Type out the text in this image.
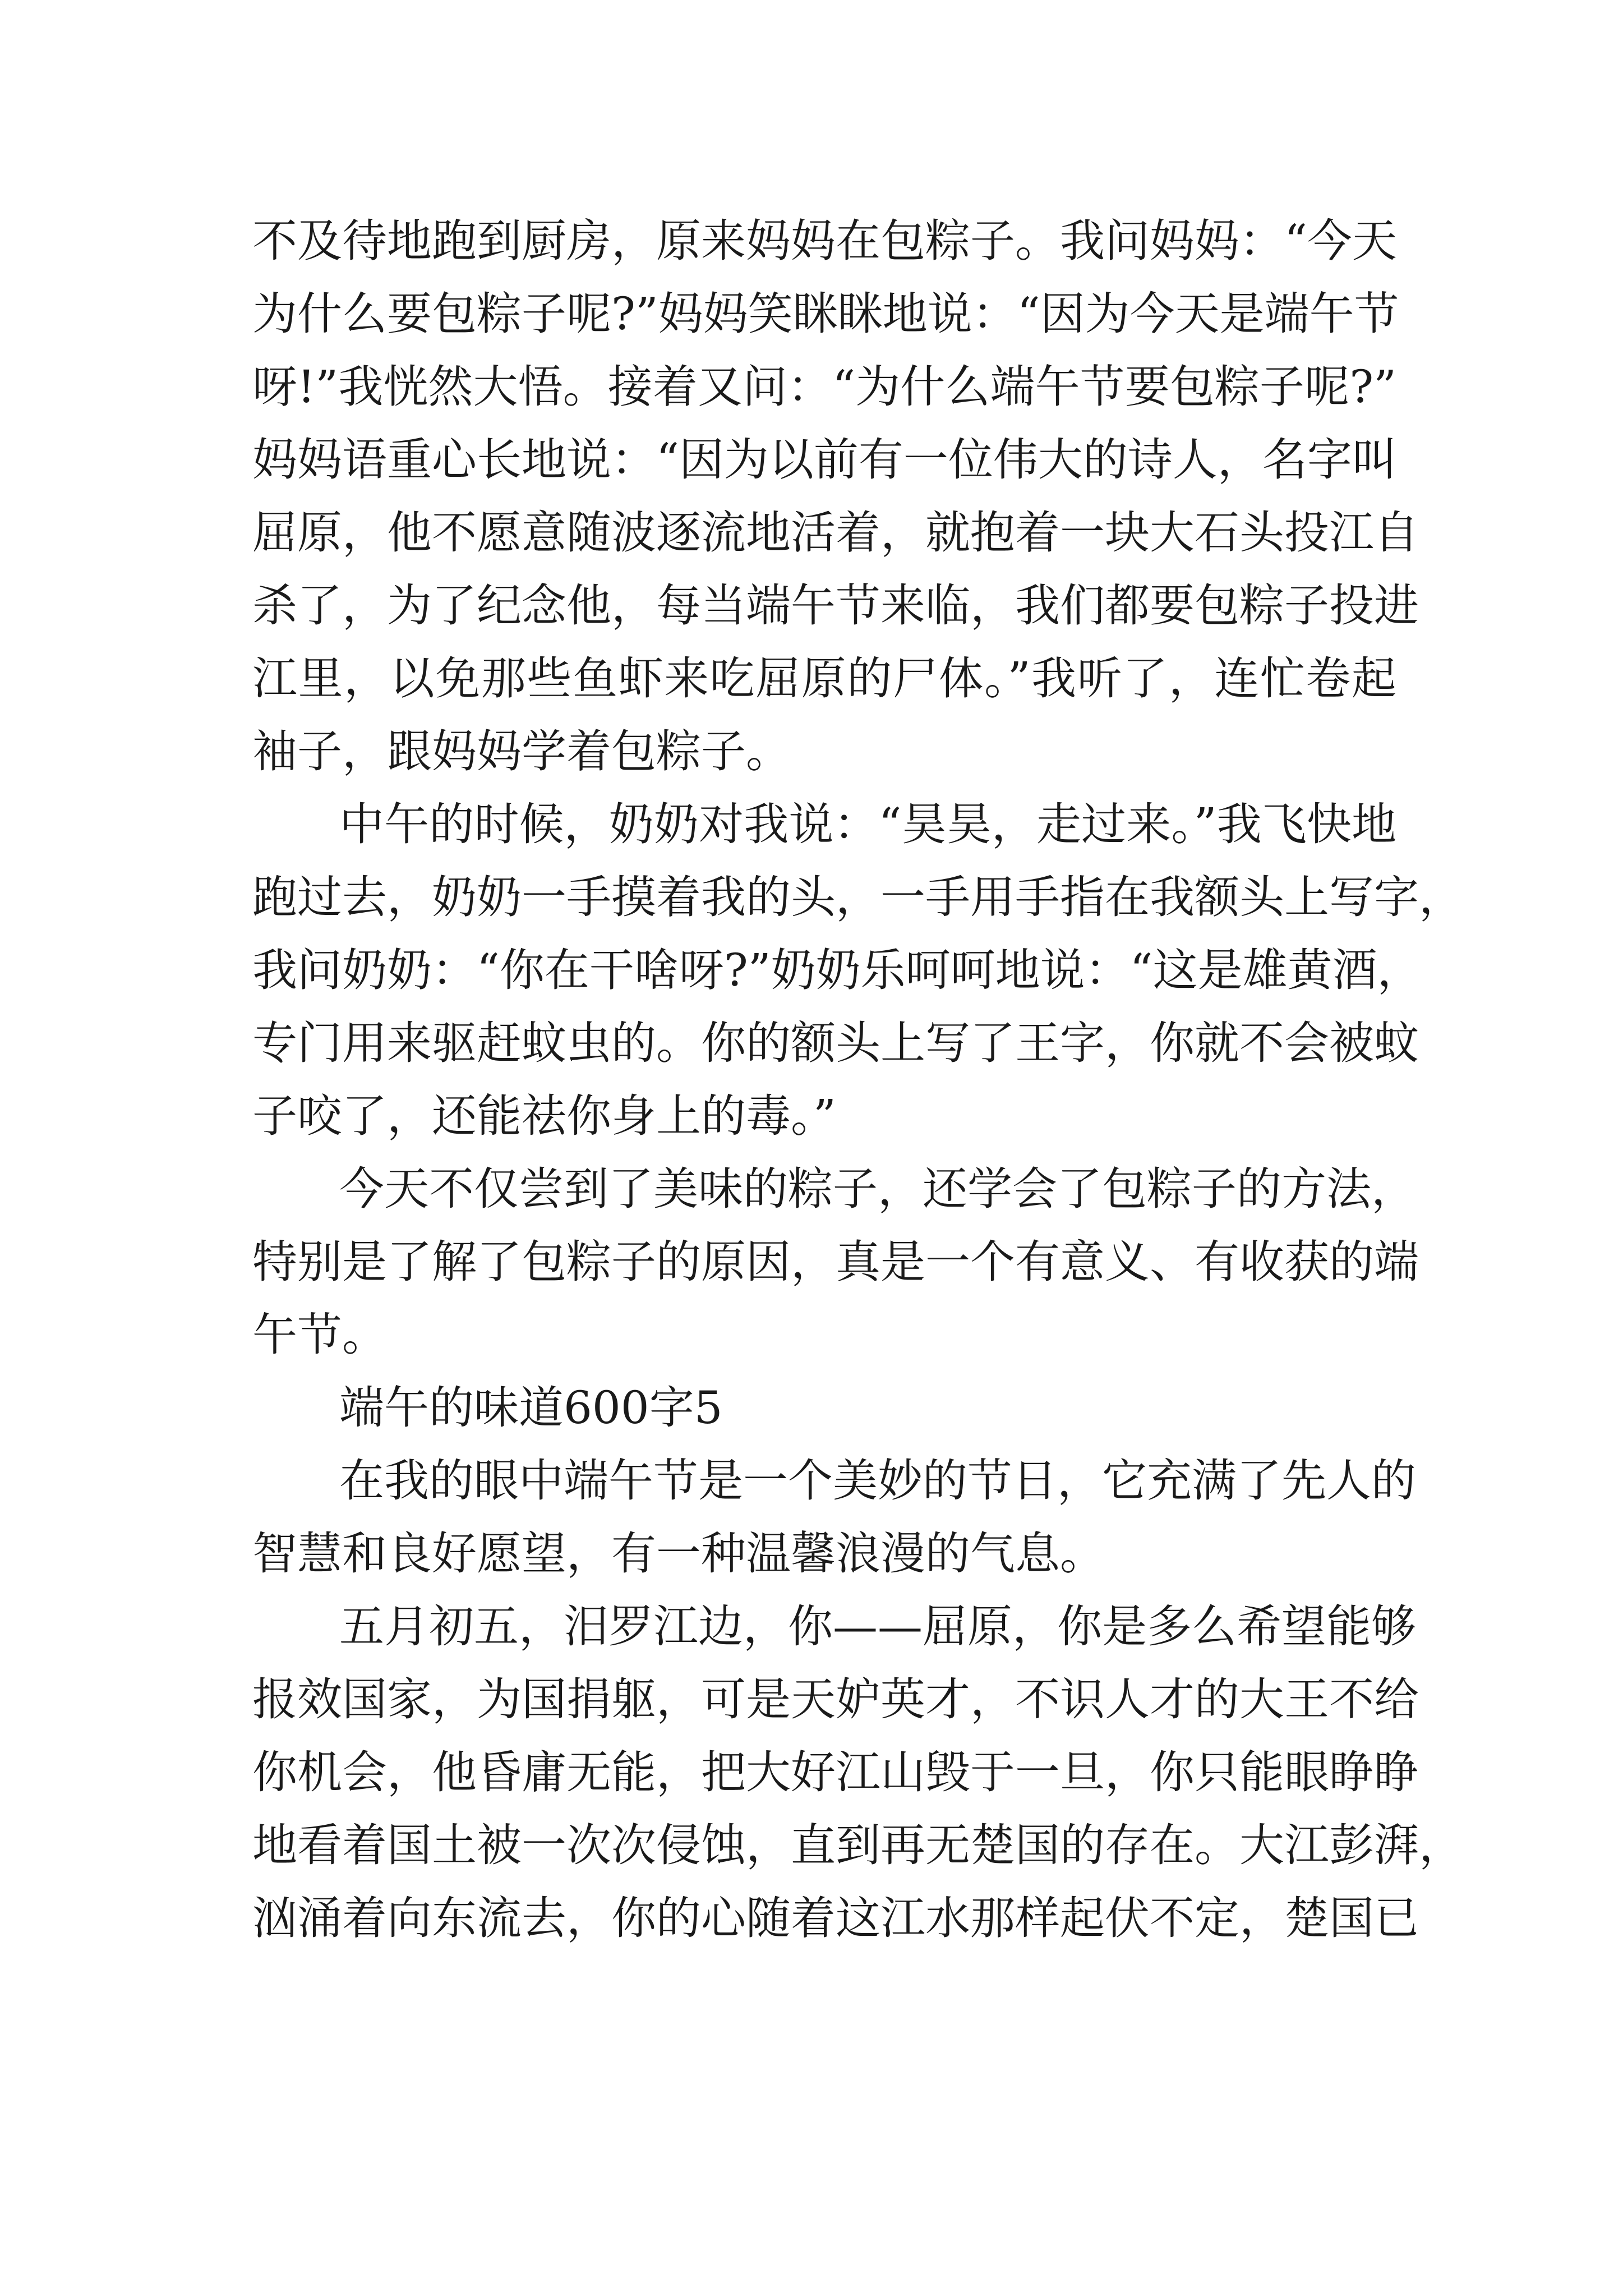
不及待地跑到厨房，原来妈妈在包粽子。我问妈妈：“今天

为什么要包粽子呢?”妈妈笑眯眯地说：“因为今天是端午节

呀!”我恍然大悟。接着又问：“为什么端午节要包粽子呢?”

妈妈语重心长地说：“因为以前有一位伟大的诗人，名字叫

屈原，他不愿意随波逐流地活着，就抱着一块大石头投江自

杀了，为了纪念他，每当端午节来临，我们都要包粽子投进

江里，以免那些鱼虾来吃屈原的尸体。”我听了，连忙卷起

袖子，跟妈妈学着包粽子。

中午的时候，奶奶对我说：“昊昊，走过来。”我飞快地

跑过去，奶奶一手摸着我的头，一手用手指在我额头上写字，

我问奶奶：“你在干啥呀?”奶奶乐呵呵地说：“这是雄黄酒，

专门用来驱赶蚊虫的。你的额头上写了王字，你就不会被蚊

子咬了，还能祛你身上的毒。”

今天不仅尝到了美味的粽子，还学会了包粽子的方法，

特别是了解了包粽子的原因，真是一个有意义、有收获的端

午节。

端午的味道600字5

在我的眼中端午节是一个美妙的节日，它充满了先人的

智慧和良好愿望，有一种温馨浪漫的气息。

五月初五，汨罗江边，你——屈原，你是多么希望能够

报效国家，为国捐躯，可是天妒英才，不识人才的大王不给

你机会，他昏庸无能，把大好江山毁于一旦，你只能眼睁睁

地看着国土被一次次侵蚀，直到再无楚国的存在。大江彭湃，

汹涌着向东流去，你的心随着这江水那样起伏不定，楚国已
